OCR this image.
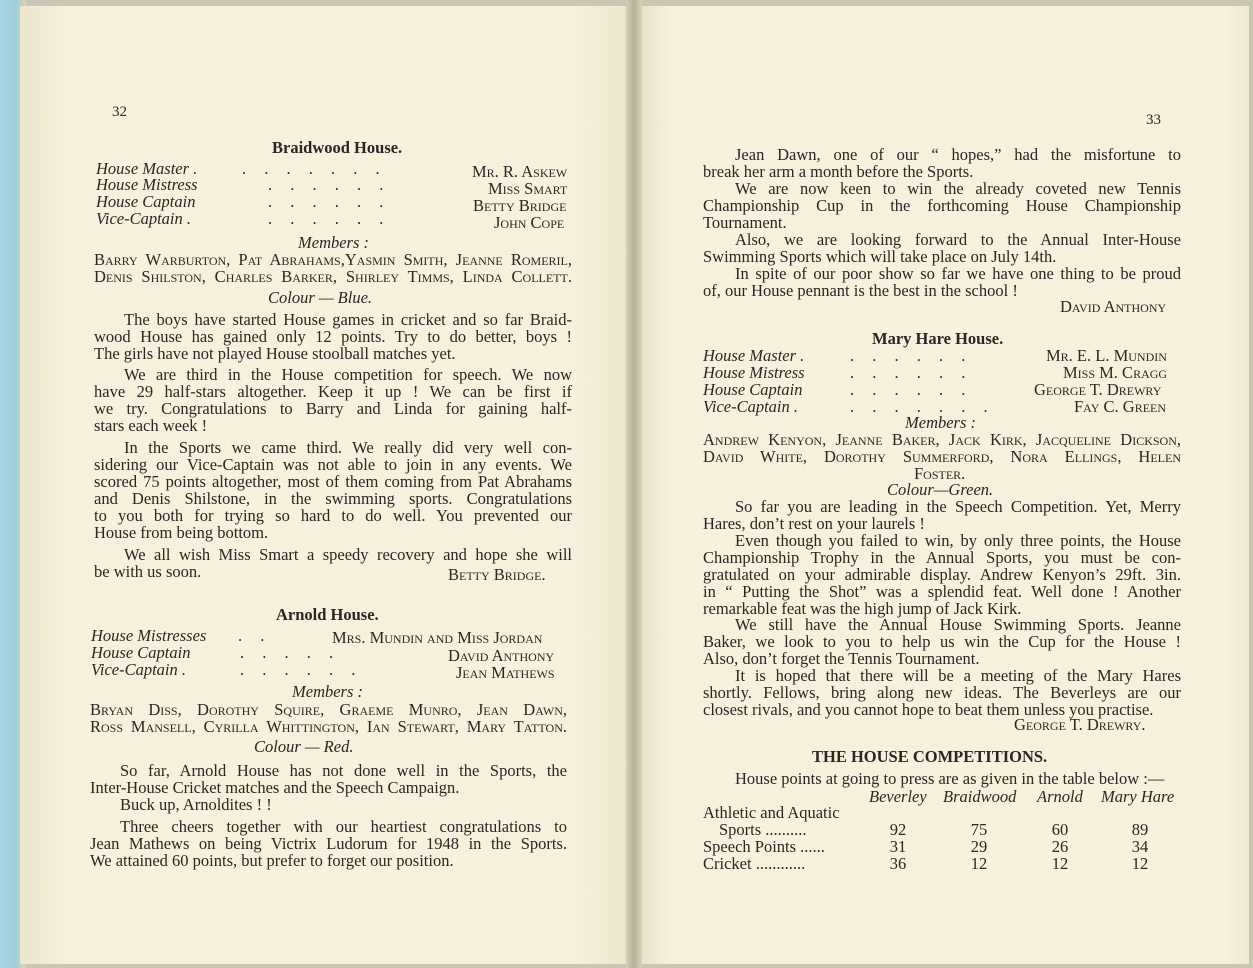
32
Braidwood House.
House Master .	. . . . . . .	Mr. R. Askew
House Mistress	. . . . . .	Miss Smart
House Captain	. . . . . .	Betty Bridge
Vice-Captain .	. . . . . .	John Cope
Members :
Barry Warburton, Pat Abrahams,Yasmin Smith, Jeanne Romeril,
Denis Shilston, Charles Barker, Shirley Timms, Linda Collett.
Colour — Blue.
The boys have started House games in cricket and so far Braid-
wood House has gained only 12 points. Try to do better, boys !
The girls have not played House stoolball matches yet.
We are third in the House competition for speech. We now
have 29 half-stars altogether. Keep it up ! We can be first if
we try. Congratulations to Barry and Linda for gaining half-
stars each week !
In the Sports we came third. We really did very well con-
sidering our Vice-Captain was not able to join in any events. We
scored 75 points altogether, most of them coming from Pat Abrahams
and Denis Shilstone, in the swimming sports. Congratulations
to you both for trying so hard to do well. You prevented our
House from being bottom.
We all wish Miss Smart a speedy recovery and hope she will
be with us soon.	Betty Bridge.
Arnold House.
House Mistresses . .	Mrs. Mundin and Miss Jordan
House Captain	. . . . .	David Anthony
Vice-Captain .	. . . . . .	Jean Mathews
Members :
Bryan Diss, Dorothy Squire, Graeme Munro, Jean Dawn,
Ross Mansell, Cyrilla Whittington, Ian Stewart, Mary Tatton.
Colour — Red.
So far, Arnold House has not done well in the Sports, the
Inter-House Cricket matches and the Speech Campaign.
Buck up, Arnoldites ! !
Three cheers together with our heartiest congratulations to
Jean Mathews on being Victrix Ludorum for 1948 in the Sports.
We attained 60 points, but prefer to forget our position.
33
Jean Dawn, one of our “ hopes,” had the misfortune to
break her arm a month before the Sports.
We are now keen to win the already coveted new Tennis
Championship Cup in the forthcoming House Championship
Tournament.
Also, we are looking forward to the Annual Inter-House
Swimming Sports which will take place on July 14th.
In spite of our poor show so far we have one thing to be proud
of, our House pennant is the best in the school !
David Anthony
Mary Hare House.
House Master .	. . . . . .	Mr. E. L. Mundin
House Mistress	. . . . . .	Miss M. Cragg
House Captain	. . . . . .	George T. Drewry
Vice-Captain .	. . . . . . .	Fay C. Green
Members :
Andrew Kenyon, Jeanne Baker, Jack Kirk, Jacqueline Dickson,
David White, Dorothy Summerford, Nora Ellings, Helen
Foster.
Colour—Green.
So far you are leading in the Speech Competition. Yet, Merry
Hares, don’t rest on your laurels !
Even though you failed to win, by only three points, the House
Championship Trophy in the Annual Sports, you must be con-
gratulated on your admirable display. Andrew Kenyon’s 29ft. 3in.
in “ Putting the Shot” was a splendid feat. Well done ! Another
remarkable feat was the high jump of Jack Kirk.
We still have the Annual House Swimming Sports. Jeanne
Baker, we look to you to help us win the Cup for the House !
Also, don’t forget the Tennis Tournament.
It is hoped that there will be a meeting of the Mary Hares
shortly. Fellows, bring along new ideas. The Beverleys are our
closest rivals, and you cannot hope to beat them unless you practise.
George T. Drewry.
THE HOUSE COMPETITIONS.
House points at going to press are as given in the table below :—
Beverley Braidwood Arnold Mary Hare
Athletic and Aquatic
Sports ..........	92	75	60	89
Speech Points ......	31	29	26	34
Cricket ............	36	12	12	12
